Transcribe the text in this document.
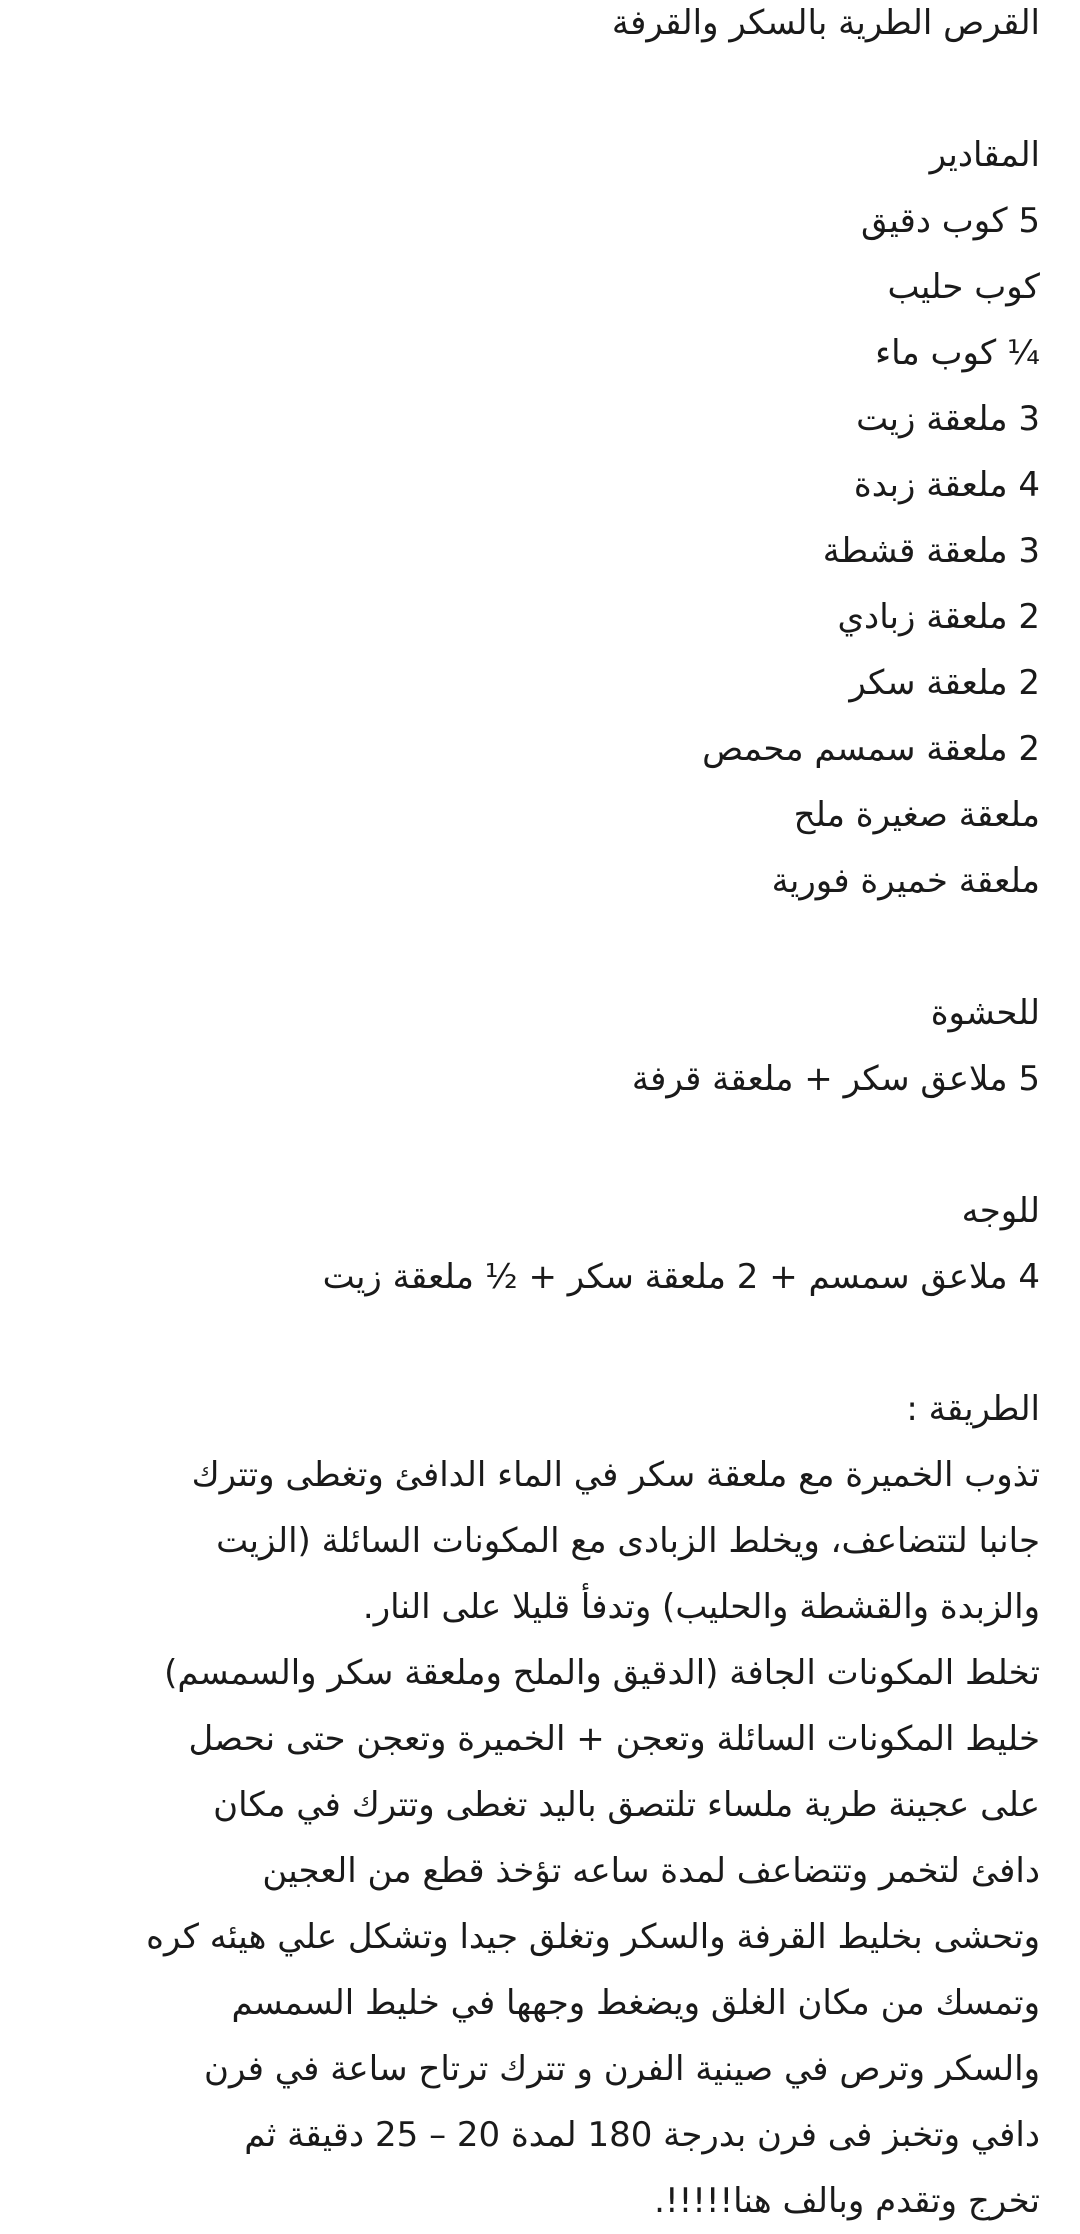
القرص الطرية بالسكر والقرفة
المقادير
5 كوب دقيق
كوب حليب
¼ كوب ماء
3 ملعقة زيت
4 ملعقة زبدة
3 ملعقة قشطة
2 ملعقة زبادي
2 ملعقة سكر
2 ملعقة سمسم محمص
ملعقة صغيرة ملح
ملعقة خميرة فورية
للحشوة
5 ملاعق سكر + ملعقة قرفة
للوجه
4 ملاعق سمسم + 2 ملعقة سكر + ½ ملعقة زيت
الطريقة :
تذوب الخميرة مع ملعقة سكر في الماء الدافئ وتغطى وتترك
جانبا لتتضاعف، ويخلط الزبادى مع المكونات السائلة (الزيت
والزبدة والقشطة والحليب) وتدفأ قليلا على النار.
تخلط المكونات الجافة (الدقيق والملح وملعقة سكر والسمسم)
خليط المكونات السائلة وتعجن + الخميرة وتعجن حتى نحصل
على عجينة طرية ملساء تلتصق باليد تغطى وتترك في مكان
دافئ لتخمر وتتضاعف لمدة ساعه تؤخذ قطع من العجين
وتحشى بخليط القرفة والسكر وتغلق جيدا وتشكل علي هيئه كره
وتمسك من مكان الغلق ويضغط وجهها في خليط السمسم
والسكر وترص في صينية الفرن و تترك ترتاح ساعة في فرن
دافي وتخبز فى فرن بدرجة 180 لمدة 20 – 25 دقيقة ثم
تخرج وتقدم وبالف هنا!!!!!.
